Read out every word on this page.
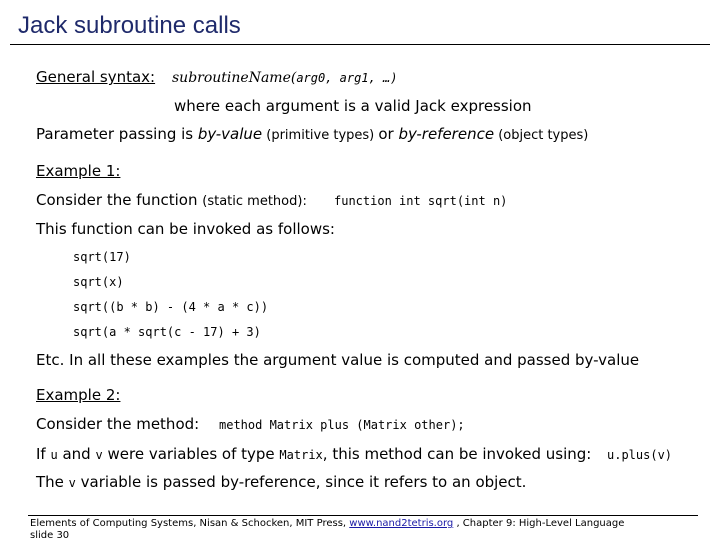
Jack subroutine calls
General syntax: subroutineName(arg0, arg1, …)
where each argument is a valid Jack expression
Parameter passing is by-value (primitive types) or by-reference (object types)
Example 1:
Consider the function (static method): function int sqrt(int n)
This function can be invoked as follows:
sqrt(17)
sqrt(x)
sqrt((b * b) - (4 * a * c))
sqrt(a * sqrt(c - 17) + 3)
Etc. In all these examples the argument value is computed and passed by-value
Example 2:
Consider the method: method Matrix plus (Matrix other);
If u and v were variables of type Matrix, this method can be invoked using: u.plus(v)
The v variable is passed by-reference, since it refers to an object.
Elements of Computing Systems, Nisan & Schocken, MIT Press, www.nand2tetris.org , Chapter 9: High-Level Language
slide 30
